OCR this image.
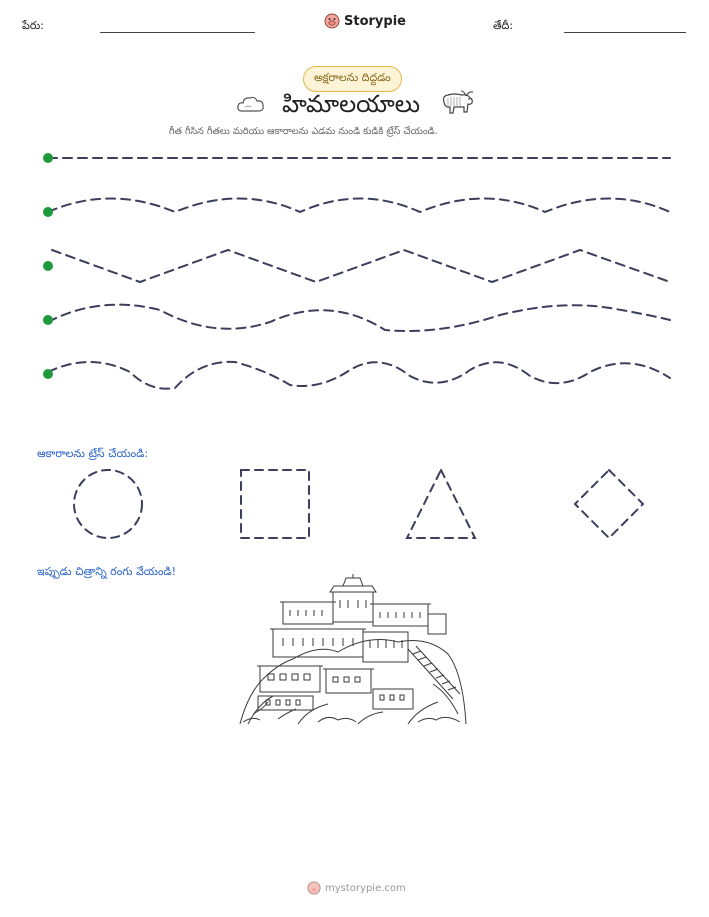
పేరు:	Storypie	తేదీ:
అక్షరాలను దిద్దడం
హిమాలయాలు
గీత గీసిన గీతలు మరియు ఆకారాలను ఎడమ నుండి కుడికి ట్రేస్ చేయండి.
ఆకారాలను ట్రేస్ చేయండి:
ఇప్పుడు చిత్రాన్ని రంగు వేయండి!
mystorypie.com
